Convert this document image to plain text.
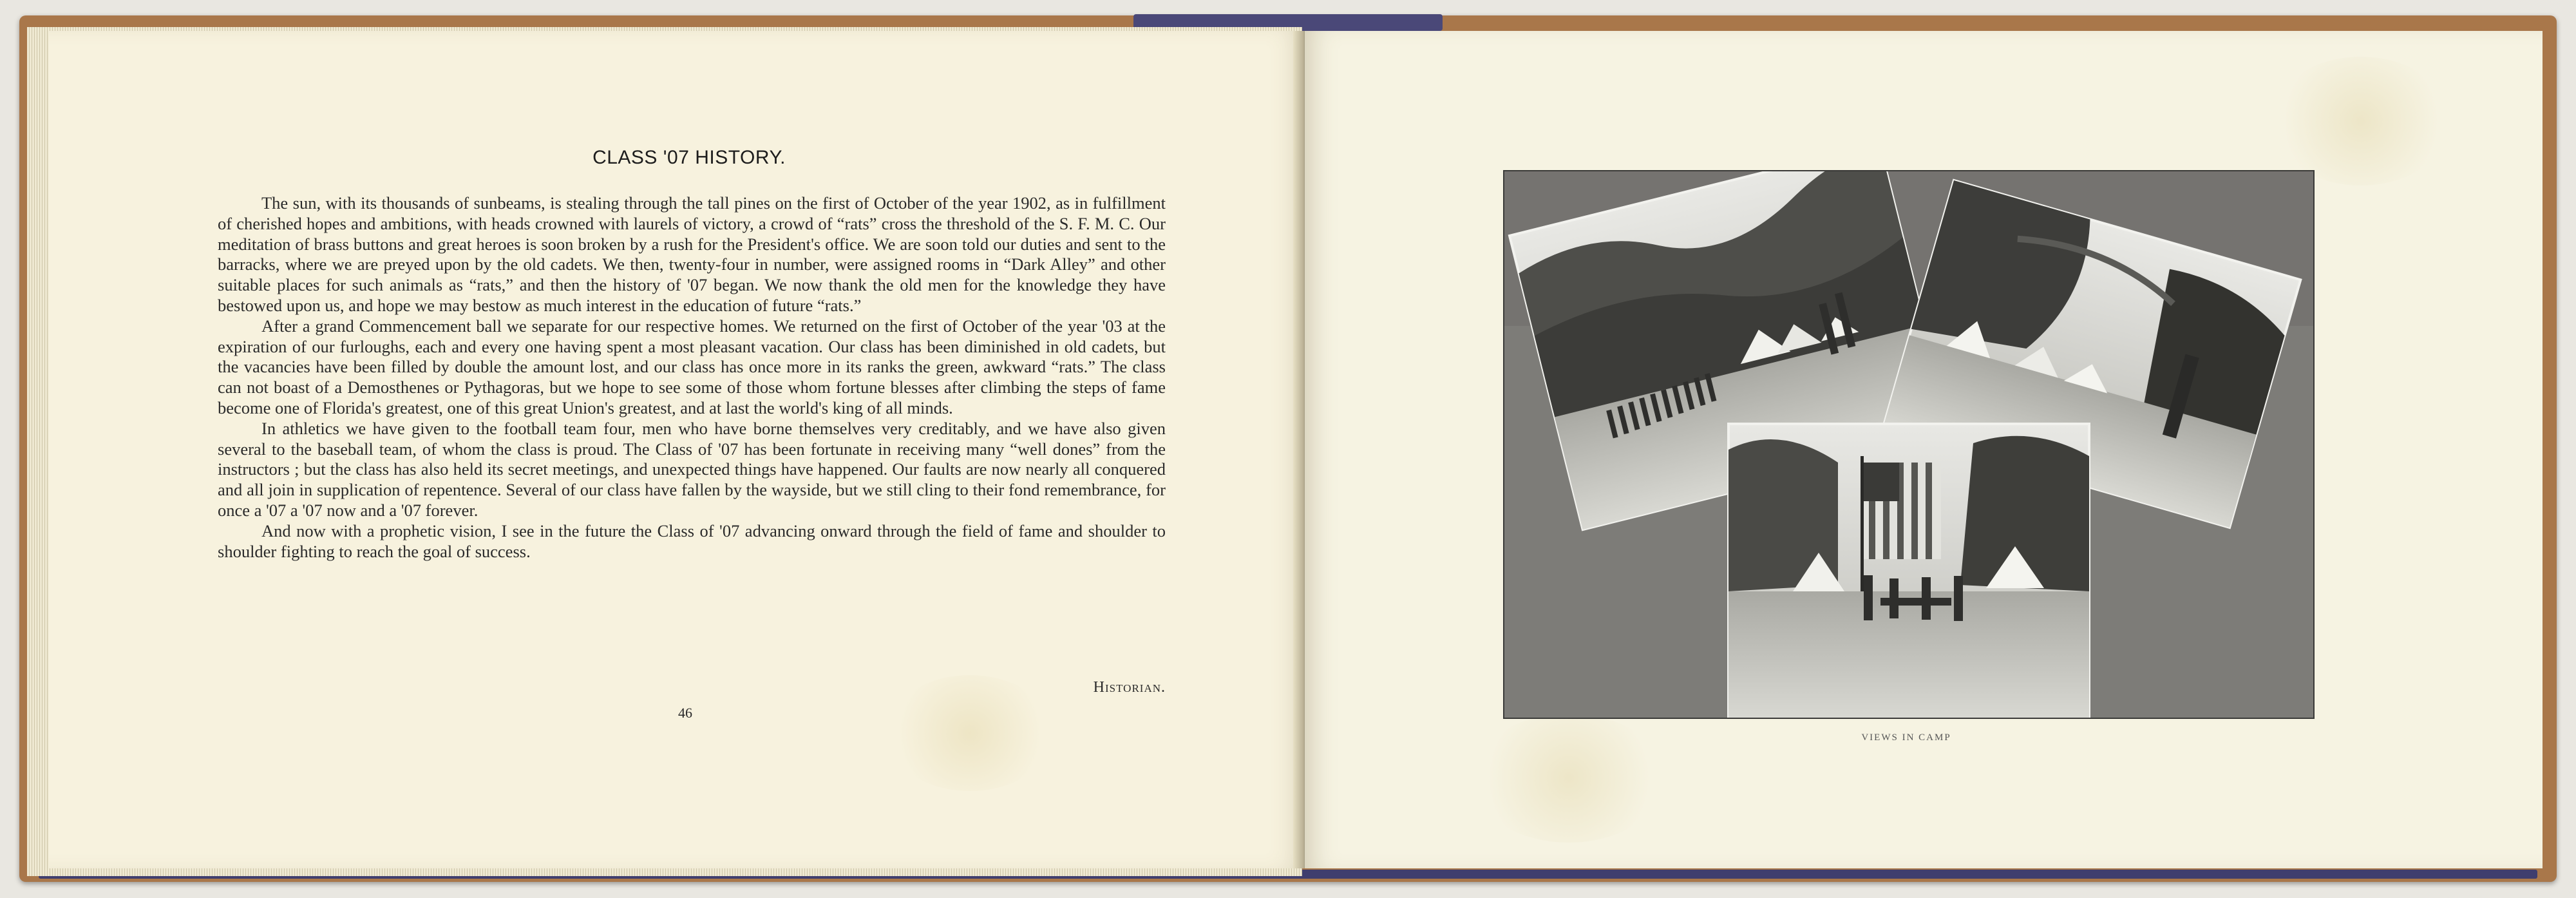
CLASS '07 HISTORY.

The sun, with its thousands of sunbeams, is stealing through the tall pines on the first of October of the year 1902, as in fulfillment of cherished hopes and ambitions, with heads crowned with laurels of victory, a crowd of “rats” cross the threshold of the S. F. M. C. Our meditation of brass buttons and great heroes is soon broken by a rush for the President's office. We are soon told our duties and sent to the barracks, where we are preyed upon by the old cadets. We then, twenty-four in number, were assigned rooms in “Dark Alley” and other suitable places for such animals as “rats,” and then the history of '07 began. We now thank the old men for the knowledge they have bestowed upon us, and hope we may bestow as much interest in the education of future “rats.”

After a grand Commencement ball we separate for our respective homes. We returned on the first of October of the year '03 at the expiration of our furloughs, each and every one having spent a most pleasant vacation. Our class has been diminished in old cadets, but the vacancies have been filled by double the amount lost, and our class has once more in its ranks the green, awkward “rats.” The class can not boast of a Demosthenes or Pythagoras, but we hope to see some of those whom fortune blesses after climbing the steps of fame become one of Florida's greatest, one of this great Union's greatest, and at last the world's king of all minds.

In athletics we have given to the football team four, men who have borne themselves very creditably, and we have also given several to the baseball team, of whom the class is proud. The Class of '07 has been fortunate in receiving many “well dones” from the instructors ; but the class has also held its secret meetings, and unexpected things have happened. Our faults are now nearly all conquered and all join in supplication of repentence. Several of our class have fallen by the wayside, but we still cling to their fond remembrance, for once a '07 a '07 now and a '07 forever.

And now with a prophetic vision, I see in the future the Class of '07 advancing onward through the field of fame and shoulder to shoulder fighting to reach the goal of success.

Historian.
46
VIEWS IN CAMP
